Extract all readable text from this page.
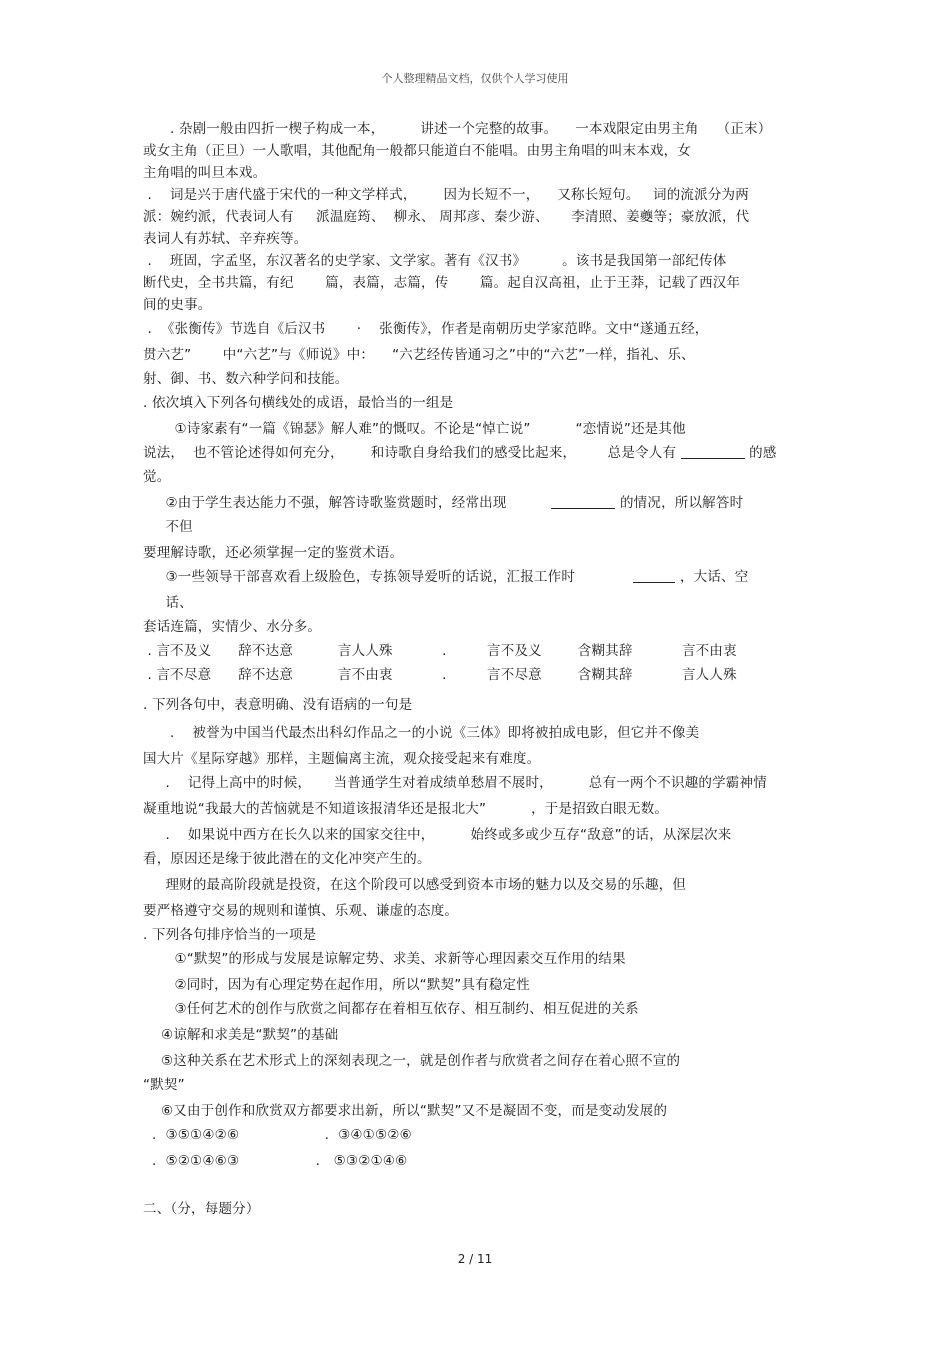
个人整理精品文档，仅供个人学习使用
. 杂剧一般由四折一楔子构成一本，        讲述一个完整的故事。    一本戏限定由男主角    （正末）
或女主角（正旦）一人歌唱，其他配角一般都只能道白不能唱。由男主角唱的叫末本戏，女
主角唱的叫旦本戏。
.    词是兴于唐代盛于宋代的一种文学样式，      因为长短不一，    又称长短句。   词的流派分为两
派：婉约派，代表词人有     派温庭筠、  柳永、 周邦彦、秦少游、     李清照、姜夔等；豪放派，代
表词人有苏轼、辛弃疾等。
.    班固，字孟坚，东汉著名的史学家、文学家。著有《汉书》        。该书是我国第一部纪传体
断代史，全书共篇，有纪       篇，表篇，志篇，传       篇。起自汉高祖，止于王莽，记载了西汉年
间的史事。
.  《张衡传》节选自《后汉书       ·    张衡传》，作者是南朝历史学家范晔。文中“遂通五经，
贯六艺”       中“六艺”与《师说》中：    “六艺经传皆通习之”中的“六艺”一样，指礼、乐、
射、御、书、数六种学问和技能。
. 依次填入下列各句横线处的成语，最恰当的一组是
①诗家素有“一篇《锦瑟》解人难”的慨叹。不论是“悼亡说”          “恋情说”还是其他
说法，  也不管论述得如何充分，      和诗歌自身给我们的感受比起来，       总是令人有	的感
觉。
②由于学生表达能力不强，解答诗歌鉴赏题时，经常出现	的情况，所以解答时
不但
要理解诗歌，还必须掌握一定的鉴赏术语。
③一些领导干部喜欢看上级脸色，专拣领导爱听的话说，汇报工作时	，大话、空
话、
套话连篇，实情少、水分多。
. 言不及义      辞不达意          言人人殊           .         言不及义        含糊其辞           言不由衷
. 言不尽意      辞不达意          言不由衷           .         言不尽意        含糊其辞           言人人殊
. 下列各句中，表意明确、没有语病的一句是
.    被誉为中国当代最杰出科幻作品之一的小说《三体》即将被拍成电影，但它并不像美
国大片《星际穿越》那样，主题偏离主流，观众接受起来有难度。
.    记得上高中的时候，     当普通学生对着成绩单愁眉不展时，        总有一两个不识趣的学霸神情
凝重地说“我最大的苦恼就是不知道该报清华还是报北大”          ，于是招致白眼无数。
.    如果说中西方在长久以来的国家交往中，        始终或多或少互存“敌意”的话，从深层次来
看，原因还是缘于彼此潜在的文化冲突产生的。
理财的最高阶段就是投资，在这个阶段可以感受到资本市场的魅力以及交易的乐趣，但
要严格遵守交易的规则和谨慎、乐观、谦虚的态度。
. 下列各句排序恰当的一项是
①“默契”的形成与发展是谅解定势、求美、求新等心理因素交互作用的结果
②同时，因为有心理定势在起作用，所以“默契”具有稳定性
③任何艺术的创作与欣赏之间都存在着相互依存、相互制约、相互促进的关系
④谅解和求美是“默契”的基础
⑤这种关系在艺术形式上的深刻表现之一，就是创作者与欣赏者之间存在着心照不宣的
“默契”
⑥又由于创作和欣赏双方都要求出新，所以“默契”又不是凝固不变，而是变动发展的
.  ③⑤①④②⑥                   .  ③④①⑤②⑥
.  ⑤②①④⑥③                 .   ⑤③②①④⑥
二、（分，每题分）
2 / 11
